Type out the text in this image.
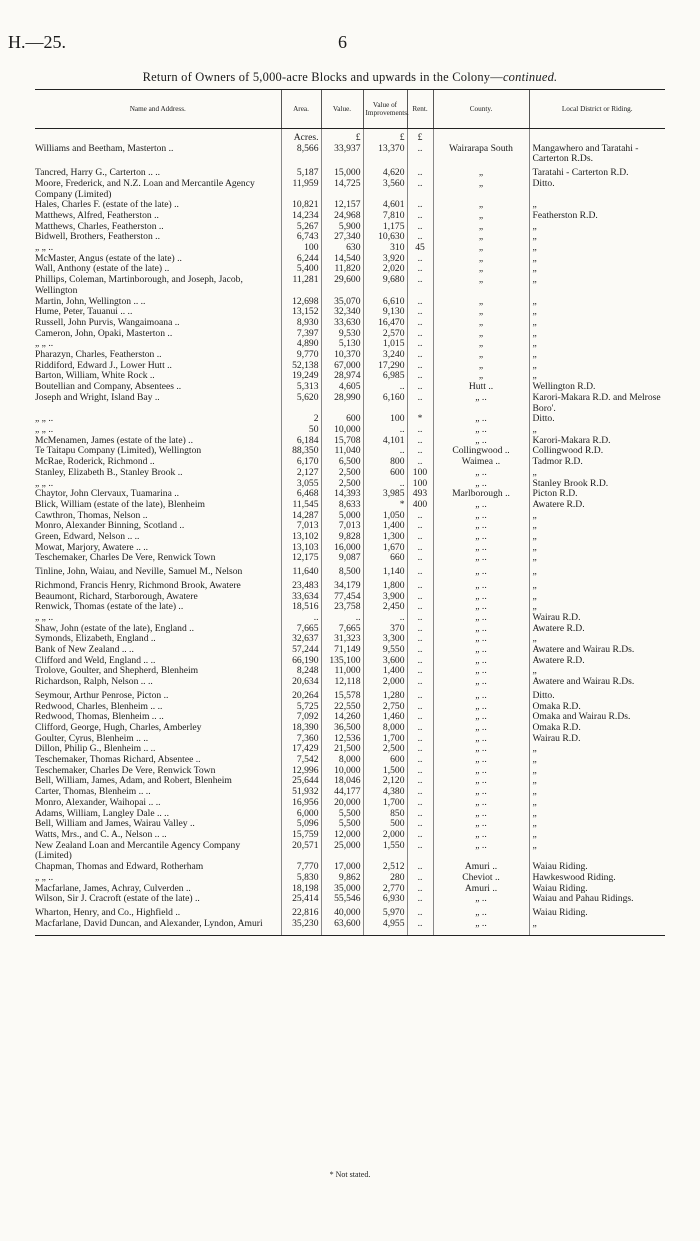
H.—25.	6
Return of Owners of 5,000-acre Blocks and upwards in the Colony—continued.
Name and Address.	Area.	Value.	Value of Improvements.	Rent.	County.	Local District or Riding.
	Acres.	£	£	£		
Williams and Beetham, Masterton ..	8,566	33,937	13,370	..	Wairarapa South	Mangawhero and Taratahi - Carterton R.Ds.
Tancred, Harry G., Carterton .. ..	5,187	15,000	4,620	..	„	Taratahi - Carterton R.D.
Moore, Frederick, and N.Z. Loan and Mercantile Agency Company (Limited)	11,959	14,725	3,560	..	„	Ditto.
Hales, Charles F. (estate of the late) ..	10,821	12,157	4,601	..	„	„
Matthews, Alfred, Featherston ..	14,234	24,968	7,810	..	„	Featherston R.D.
Matthews, Charles, Featherston ..	5,267	5,900	1,175	..	„	„
Bidwell, Brothers, Featherston ..	6,743	27,340	10,630	..	„	„
„ „ ..	100	630	310	45	„	„
McMaster, Angus (estate of the late) ..	6,244	14,540	3,920	..	„	„
Wall, Anthony (estate of the late) ..	5,400	11,820	2,020	..	„	„
Phillips, Coleman, Martinborough, and Joseph, Jacob, Wellington	11,281	29,600	9,680	..	„	„
Martin, John, Wellington .. ..	12,698	35,070	6,610	..	„	„
Hume, Peter, Tauanui .. ..	13,152	32,340	9,130	..	„	„
Russell, John Purvis, Wangaimoana ..	8,930	33,630	16,470	..	„	„
Cameron, John, Opaki, Masterton ..	7,397	9,530	2,570	..	„	„
„ „ ..	4,890	5,130	1,015	..	„	„
Pharazyn, Charles, Featherston ..	9,770	10,370	3,240	..	„	„
Riddiford, Edward J., Lower Hutt ..	52,138	67,000	17,290	..	„	„
Barton, William, White Rock ..	19,249	28,974	6,985	..	„	„
Boutellian and Company, Absentees ..	5,313	4,605	..	..	Hutt ..	Wellington R.D.
Joseph and Wright, Island Bay ..	5,620	28,990	6,160	..	„ ..	Karori-Makara R.D. and Melrose Boro'.
„ „ ..	2	600	100	*	„ ..	Ditto.
„ „ ..	50	10,000	..	..	„ ..	„
McMenamen, James (estate of the late) ..	6,184	15,708	4,101	..	„ ..	Karori-Makara R.D.
Te Taitapu Company (Limited), Wellington	88,350	11,040	..	..	Collingwood ..	Collingwood R.D.
McRae, Roderick, Richmond ..	6,170	6,500	800	..	Waimea ..	Tadmor R.D.
Stanley, Elizabeth B., Stanley Brook ..	2,127	2,500	600	100	„ ..	„
„ „ ..	3,055	2,500	..	100	„ ..	Stanley Brook R.D.
Chaytor, John Clervaux, Tuamarina ..	6,468	14,393	3,985	493	Marlborough ..	Picton R.D.
Blick, William (estate of the late), Blenheim	11,545	8,633	*	400	„ ..	Awatere R.D.
Cawthron, Thomas, Nelson ..	14,287	5,000	1,050	..	„ ..	„
Monro, Alexander Binning, Scotland ..	7,013	7,013	1,400	..	„ ..	„
Green, Edward, Nelson .. ..	13,102	9,828	1,300	..	„ ..	„
Mowat, Marjory, Awatere .. ..	13,103	16,000	1,670	..	„ ..	„
Teschemaker, Charles De Vere, Renwick Town	12,175	9,087	660	..	„ ..	„
Tinline, John, Waiau, and Neville, Samuel M., Nelson	11,640	8,500	1,140	..	„ ..	„
Richmond, Francis Henry, Richmond Brook, Awatere	23,483	34,179	1,800	..	„ ..	„
Beaumont, Richard, Starborough, Awatere	33,634	77,454	3,900	..	„ ..	„
Renwick, Thomas (estate of the late) ..	18,516	23,758	2,450	..	„ ..	„
„ „ ..	..	..	..	..	„ ..	Wairau R.D.
Shaw, John (estate of the late), England ..	7,665	7,665	370	..	„ ..	Awatere R.D.
Symonds, Elizabeth, England ..	32,637	31,323	3,300	..	„ ..	„
Bank of New Zealand .. ..	57,244	71,149	9,550	..	„ ..	Awatere and Wairau R.Ds.
Clifford and Weld, England .. ..	66,190	135,100	3,600	..	„ ..	Awatere R.D.
Trolove, Goulter, and Shepherd, Blenheim	8,248	11,000	1,400	..	„ ..	„
Richardson, Ralph, Nelson .. ..	20,634	12,118	2,000	..	„ ..	Awatere and Wairau R.Ds.
Seymour, Arthur Penrose, Picton ..	20,264	15,578	1,280	..	„ ..	Ditto.
Redwood, Charles, Blenheim .. ..	5,725	22,550	2,750	..	„ ..	Omaka R.D.
Redwood, Thomas, Blenheim .. ..	7,092	14,260	1,460	..	„ ..	Omaka and Wairau R.Ds.
Clifford, George, Hugh, Charles, Amberley	18,390	36,500	8,000	..	„ ..	Omaka R.D.
Goulter, Cyrus, Blenheim .. ..	7,360	12,536	1,700	..	„ ..	Wairau R.D.
Dillon, Philip G., Blenheim .. ..	17,429	21,500	2,500	..	„ ..	„
Teschemaker, Thomas Richard, Absentee ..	7,542	8,000	600	..	„ ..	„
Teschemaker, Charles De Vere, Renwick Town	12,996	10,000	1,500	..	„ ..	„
Bell, William, James, Adam, and Robert, Blenheim	25,644	18,046	2,120	..	„ ..	„
Carter, Thomas, Blenheim .. ..	51,932	44,177	4,380	..	„ ..	„
Monro, Alexander, Waihopai .. ..	16,956	20,000	1,700	..	„ ..	„
Adams, William, Langley Dale .. ..	6,000	5,500	850	..	„ ..	„
Bell, William and James, Wairau Valley ..	5,096	5,500	500	..	„ ..	„
Watts, Mrs., and C. A., Nelson .. ..	15,759	12,000	2,000	..	„ ..	„
New Zealand Loan and Mercantile Agency Company (Limited)	20,571	25,000	1,550	..	„ ..	„
Chapman, Thomas and Edward, Rotherham	7,770	17,000	2,512	..	Amuri ..	Waiau Riding.
„ „ ..	5,830	9,862	280	..	Cheviot ..	Hawkeswood Riding.
Macfarlane, James, Achray, Culverden ..	18,198	35,000	2,770	..	Amuri ..	Waiau Riding.
Wilson, Sir J. Cracroft (estate of the late) ..	25,414	55,546	6,930	..	„ ..	Waiau and Pahau Ridings.
Wharton, Henry, and Co., Highfield ..	22,816	40,000	5,970	..	„ ..	Waiau Riding.
Macfarlane, David Duncan, and Alexander, Lyndon, Amuri	35,230	63,600	4,955	..	„ ..	„
* Not stated.
